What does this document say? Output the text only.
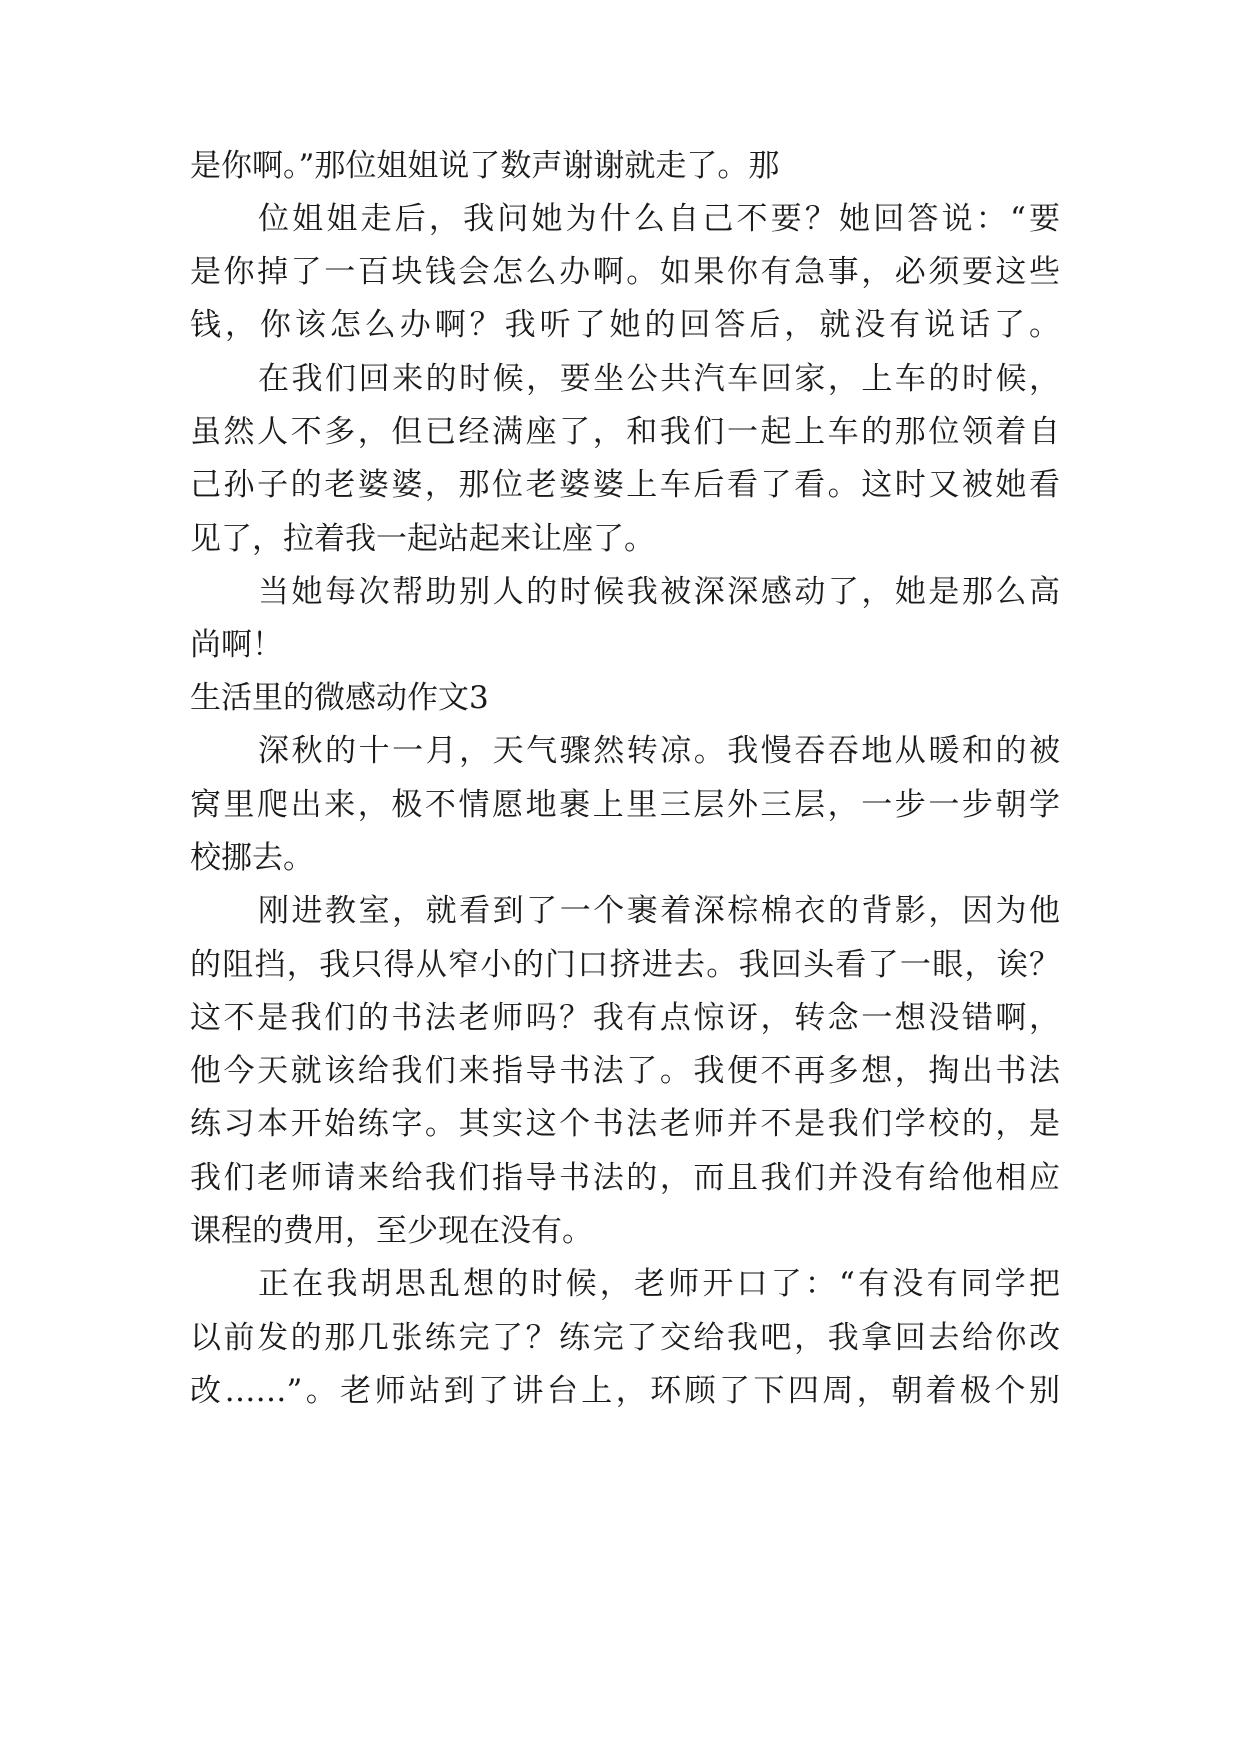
是你啊。”那位姐姐说了数声谢谢就走了。那
位姐姐走后，我问她为什么自己不要？她回答说：“要
是你掉了一百块钱会怎么办啊。如果你有急事，必须要这些
钱，你该怎么办啊？我听了她的回答后，就没有说话了。
在我们回来的时候，要坐公共汽车回家，上车的时候，
虽然人不多，但已经满座了，和我们一起上车的那位领着自
己孙子的老婆婆，那位老婆婆上车后看了看。这时又被她看
见了，拉着我一起站起来让座了。
当她每次帮助别人的时候我被深深感动了，她是那么高
尚啊！
生活里的微感动作文3
深秋的十一月，天气骤然转凉。我慢吞吞地从暖和的被
窝里爬出来，极不情愿地裹上里三层外三层，一步一步朝学
校挪去。
刚进教室，就看到了一个裹着深棕棉衣的背影，因为他
的阻挡，我只得从窄小的门口挤进去。我回头看了一眼，诶？
这不是我们的书法老师吗？我有点惊讶，转念一想没错啊，
他今天就该给我们来指导书法了。我便不再多想，掏出书法
练习本开始练字。其实这个书法老师并不是我们学校的，是
我们老师请来给我们指导书法的，而且我们并没有给他相应
课程的费用，至少现在没有。
正在我胡思乱想的时候，老师开口了：“有没有同学把
以前发的那几张练完了？练完了交给我吧，我拿回去给你改
改……”。老师站到了讲台上，环顾了下四周，朝着极个别
